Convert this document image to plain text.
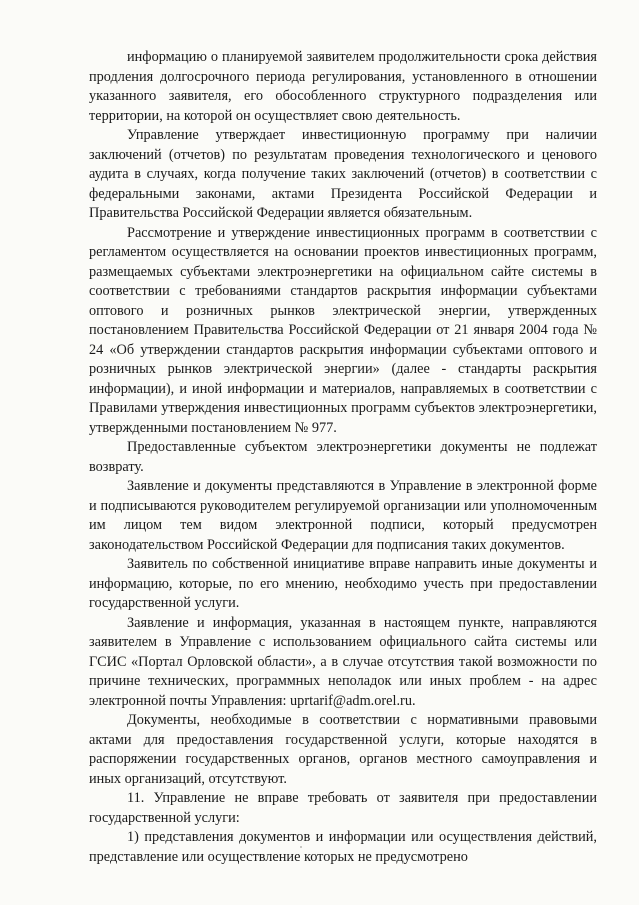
информацию о планируемой заявителем продолжительности срока действия продления долгосрочного периода регулирования, установленного в отношении указанного заявителя, его обособленного структурного подразделения или территории, на которой он осуществляет свою деятельность.

Управление утверждает инвестиционную программу при наличии заключений (отчетов) по результатам проведения технологического и ценового аудита в случаях, когда получение таких заключений (отчетов) в соответствии с федеральными законами, актами Президента Российской Федерации и Правительства Российской Федерации является обязательным.

Рассмотрение и утверждение инвестиционных программ в соответствии с регламентом осуществляется на основании проектов инвестиционных программ, размещаемых субъектами электроэнергетики на официальном сайте системы в соответствии с требованиями стандартов раскрытия информации субъектами оптового и розничных рынков электрической энергии, утвержденных постановлением Правительства Российской Федерации от 21 января 2004 года № 24 «Об утверждении стандартов раскрытия информации субъектами оптового и розничных рынков электрической энергии» (далее - стандарты раскрытия информации), и иной информации и материалов, направляемых в соответствии с Правилами утверждения инвестиционных программ субъектов электроэнергетики, утвержденными постановлением № 977.

Предоставленные субъектом электроэнергетики документы не подлежат возврату.

Заявление и документы представляются в Управление в электронной форме и подписываются руководителем регулируемой организации или уполномоченным им лицом тем видом электронной подписи, который предусмотрен законодательством Российской Федерации для подписания таких документов.

Заявитель по собственной инициативе вправе направить иные документы и информацию, которые, по его мнению, необходимо учесть при предоставлении государственной услуги.

Заявление и информация, указанная в настоящем пункте, направляются заявителем в Управление с использованием официального сайта системы или ГСИС «Портал Орловской области», а в случае отсутствия такой возможности по причине технических, программных неполадок или иных проблем - на адрес электронной почты Управления: uprtarif@adm.orel.ru.

Документы, необходимые в соответствии с нормативными правовыми актами для предоставления государственной услуги, которые находятся в распоряжении государственных органов, органов местного самоуправления и иных организаций, отсутствуют.

11. Управление не вправе требовать от заявителя при предоставлении государственной услуги:

1) представления документов и информации или осуществления действий, представление или осуществление которых не предусмотрено
